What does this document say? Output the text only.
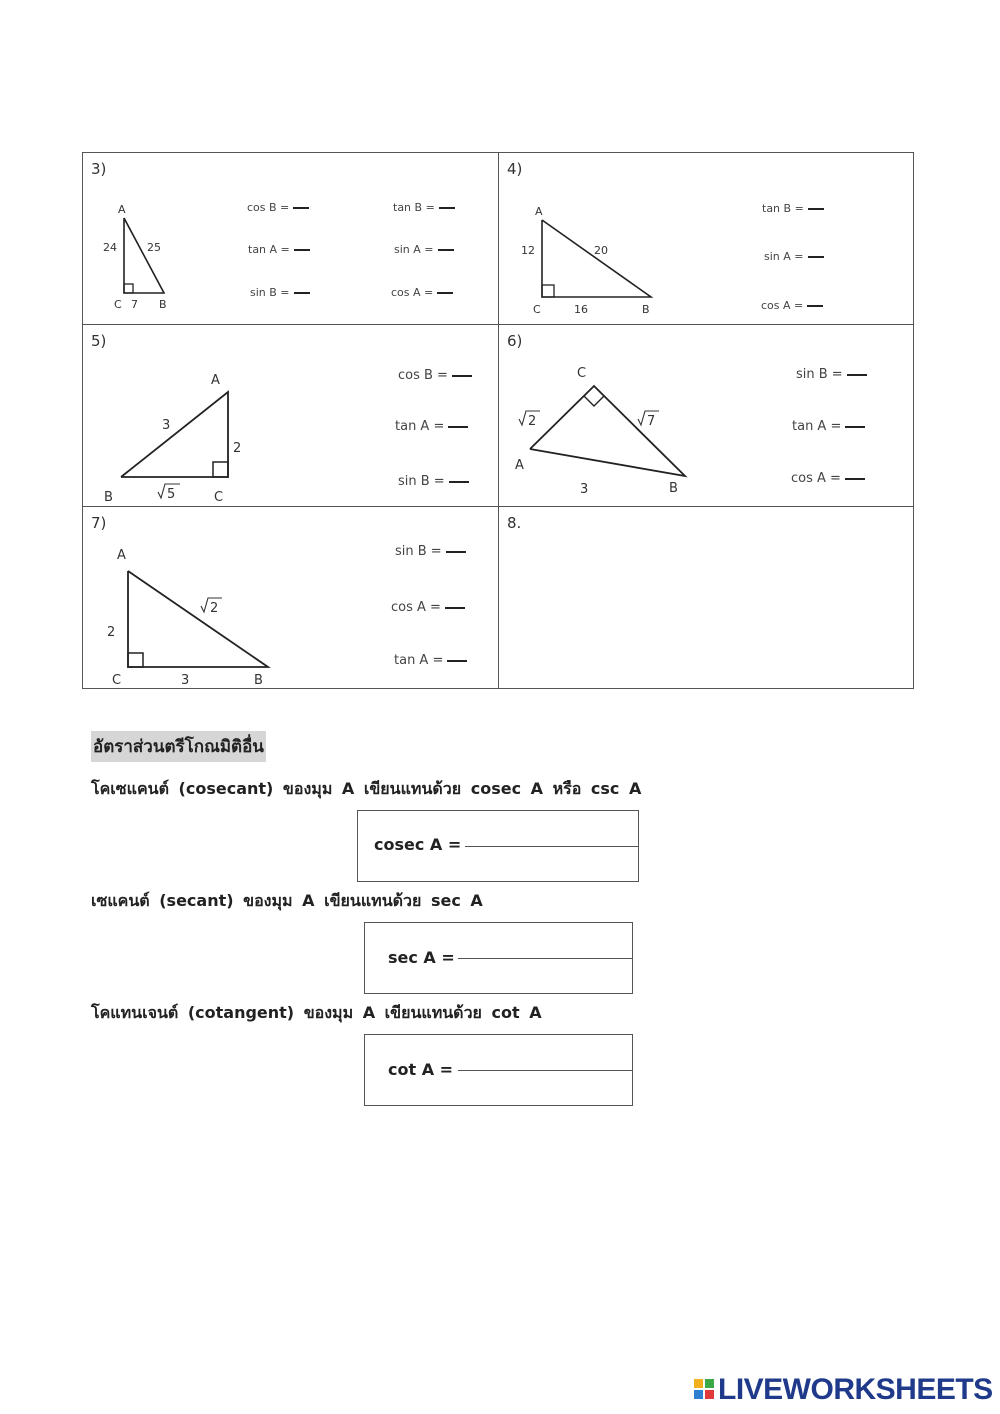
3)
A
C	B
24	25
7
cos B =	tan B =
tan A =	sin A =
sin B =	cos A =
4)
A
C	B
12	20
16
tan B =
sin A =
cos A =
5)
A
B	C
3
2
5
cos B =
tan A =
sin B =
6)
C
A
B
2	7
3
sin B =
tan A =
cos A =
7)
A
C	B
2
2
3
sin B =
cos A =
tan A =
8.
อัตราส่วนตรีโกณมิติอื่น
โคเซแคนต์ (cosecant) ของมุม A เขียนแทนด้วย cosec A หรือ csc A
cosec A =
เซแคนต์ (secant) ของมุม A เขียนแทนด้วย sec A
sec A =
โคแทนเจนต์ (cotangent) ของมุม A เขียนแทนด้วย cot A
cot A =
LIVEWORKSHEETS
